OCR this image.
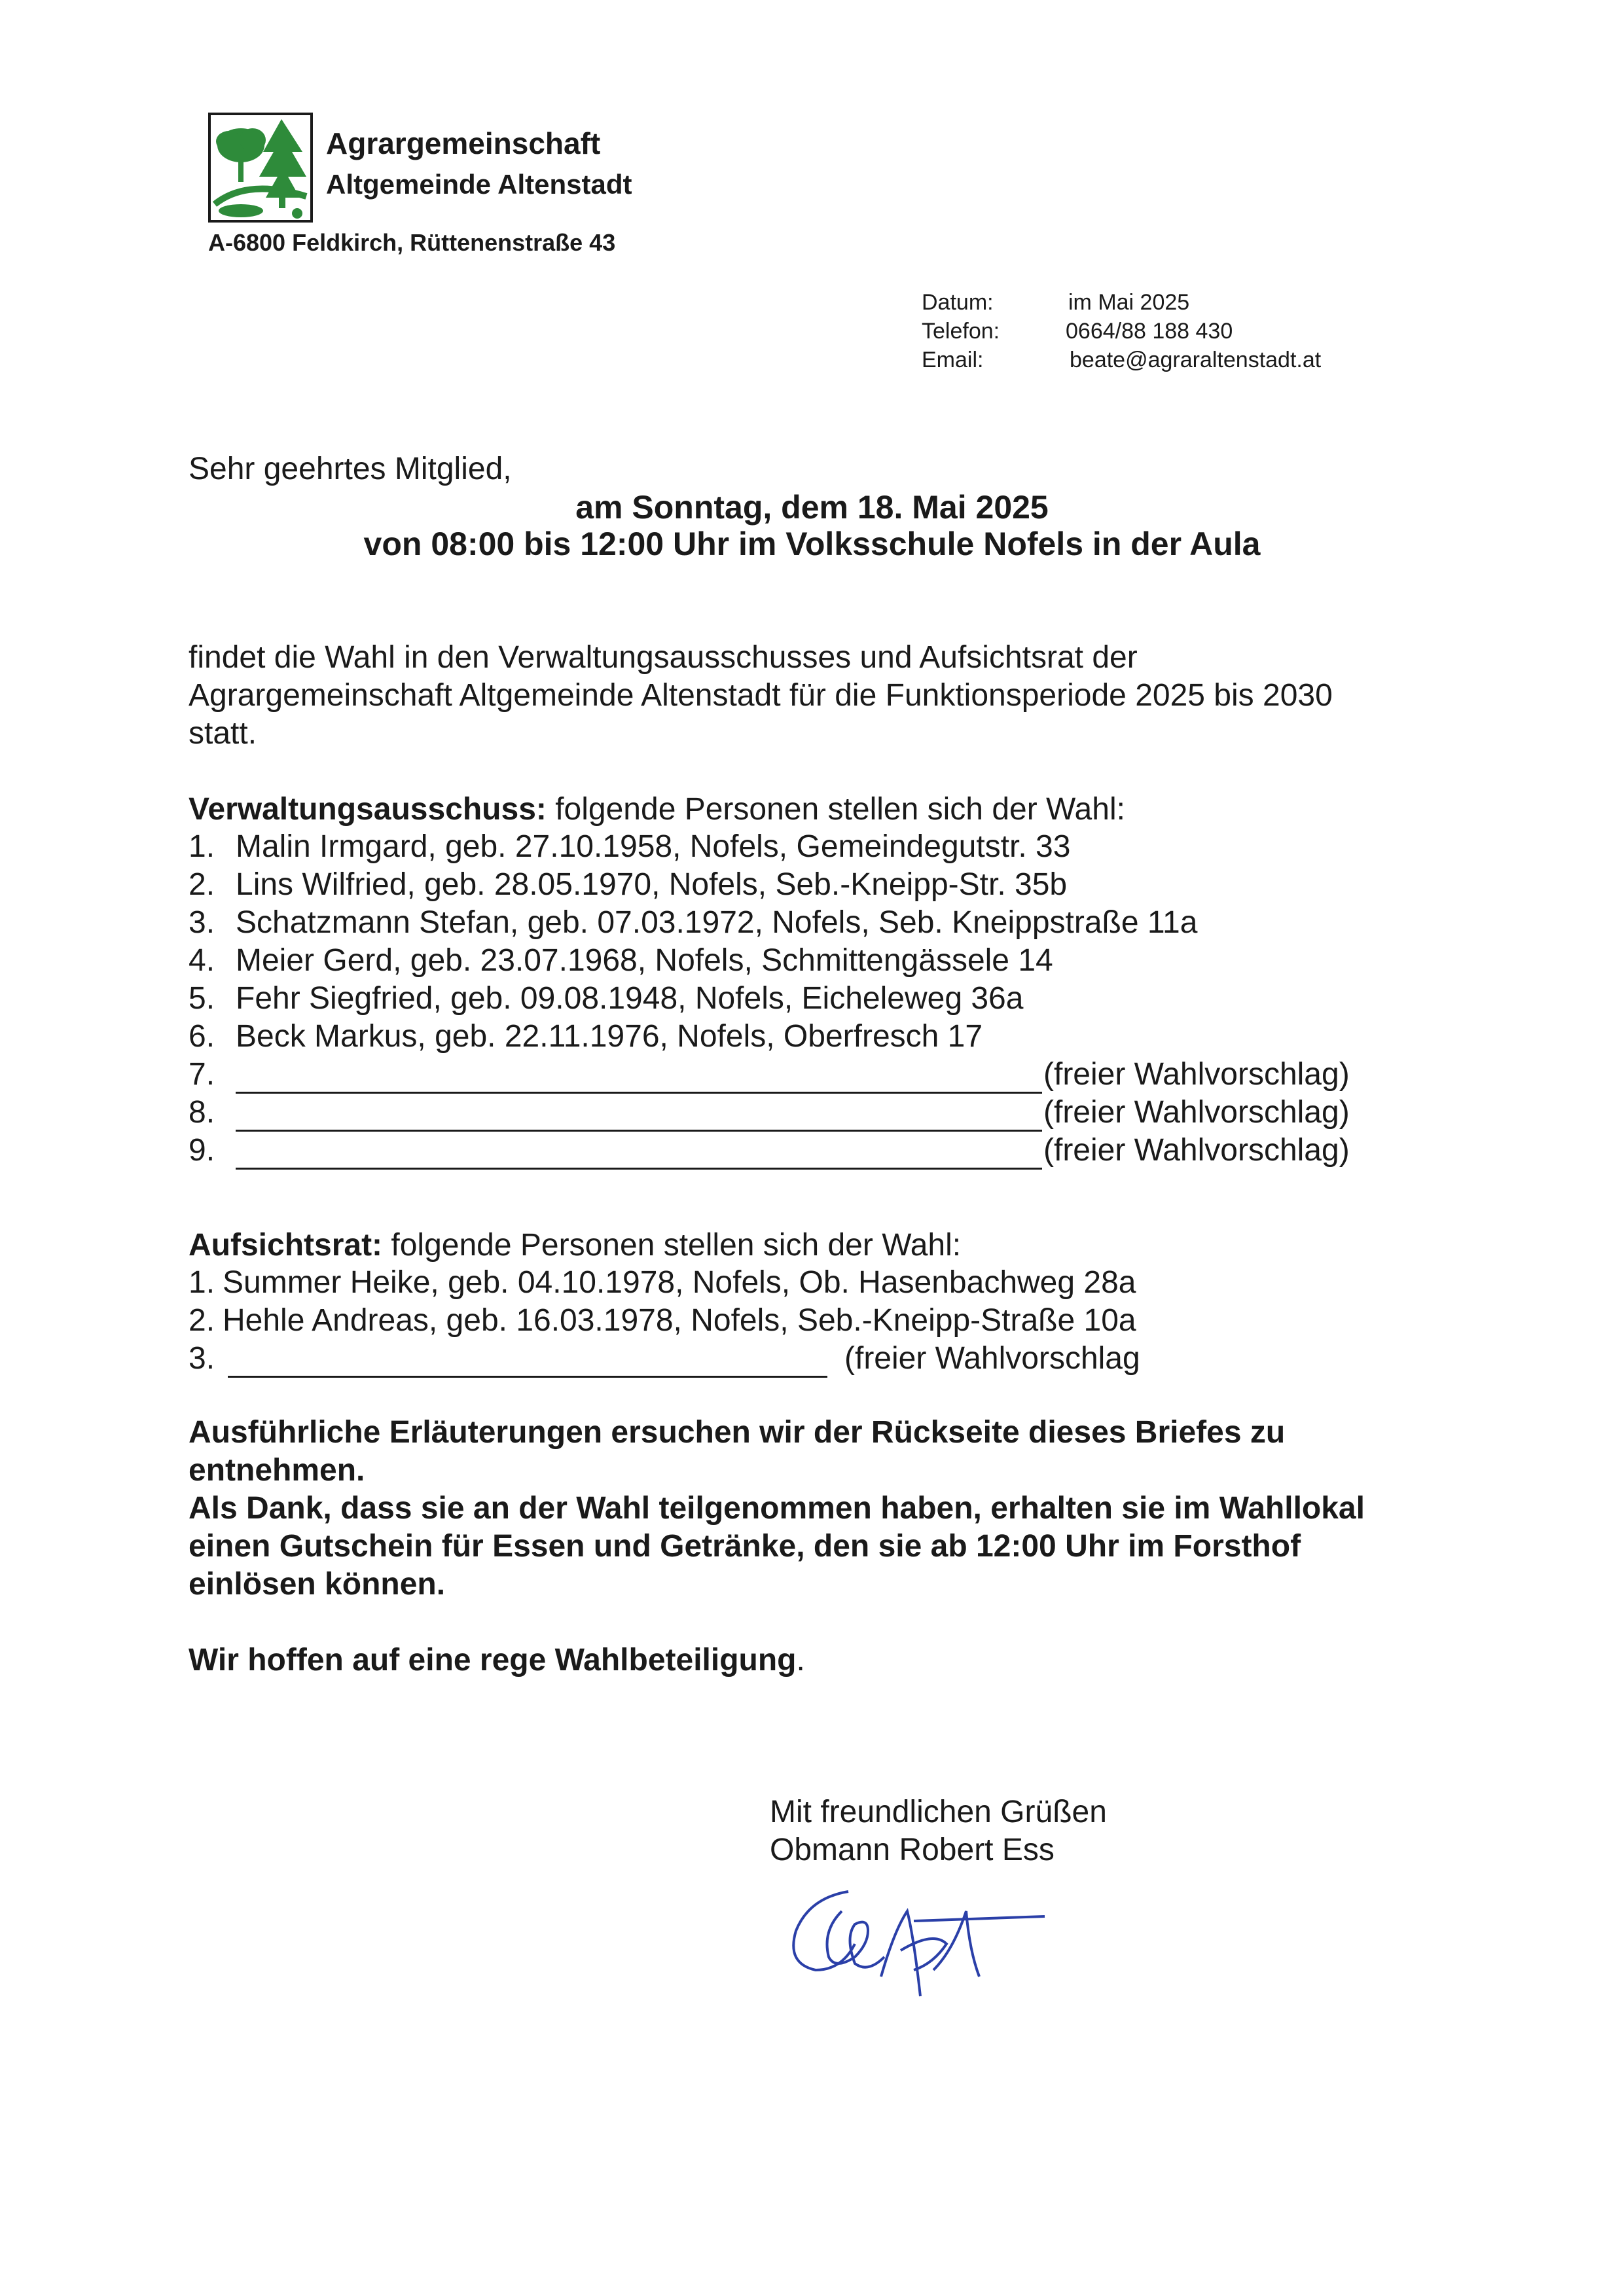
Agrargemeinschaft
Altgemeinde Altenstadt
A-6800 Feldkirch, Rüttenenstraße 43
Datum:	im Mai 2025
Telefon:	0664/88 188 430
Email:	beate@agraraltenstadt.at
Sehr geehrtes Mitglied,
am Sonntag, dem 18. Mai 2025
von 08:00 bis 12:00 Uhr im Volksschule Nofels in der Aula
findet die Wahl in den Verwaltungsausschusses und Aufsichtsrat der
Agrargemeinschaft Altgemeinde Altenstadt für die Funktionsperiode 2025 bis 2030
statt.
Verwaltungsausschuss: folgende Personen stellen sich der Wahl:
1. Malin Irmgard, geb. 27.10.1958, Nofels, Gemeindegutstr. 33
2. Lins Wilfried, geb. 28.05.1970, Nofels, Seb.-Kneipp-Str. 35b
3. Schatzmann Stefan, geb. 07.03.1972, Nofels, Seb. Kneippstraße 11a
4. Meier Gerd, geb. 23.07.1968, Nofels, Schmittengässele 14
5. Fehr Siegfried, geb. 09.08.1948, Nofels, Eicheleweg 36a
6. Beck Markus, geb. 22.11.1976, Nofels, Oberfresch 17
7.	(freier Wahlvorschlag)
8.	(freier Wahlvorschlag)
9.	(freier Wahlvorschlag)
Aufsichtsrat: folgende Personen stellen sich der Wahl:
1. Summer Heike, geb. 04.10.1978, Nofels, Ob. Hasenbachweg 28a
2. Hehle Andreas, geb. 16.03.1978, Nofels, Seb.-Kneipp-Straße 10a
3.	(freier Wahlvorschlag
Ausführliche Erläuterungen ersuchen wir der Rückseite dieses Briefes zu
entnehmen.
Als Dank, dass sie an der Wahl teilgenommen haben, erhalten sie im Wahllokal
einen Gutschein für Essen und Getränke, den sie ab 12:00 Uhr im Forsthof
einlösen können.
Wir hoffen auf eine rege Wahlbeteiligung.
Mit freundlichen Grüßen
Obmann Robert Ess
